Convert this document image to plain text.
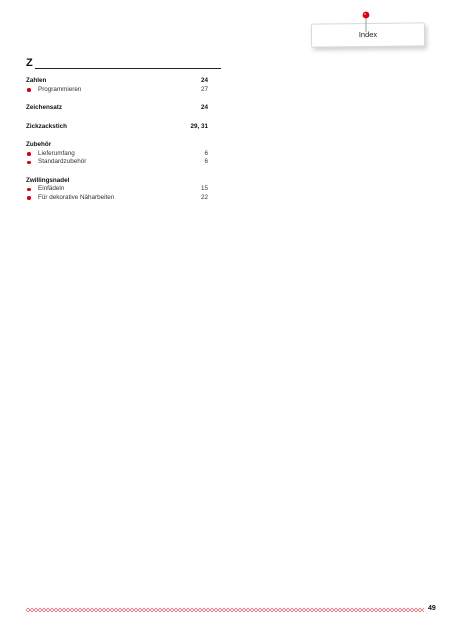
Index
Z
Zahlen	24
Programmieren	27
Zeichensatz	24
Zickzackstich	29, 31
Zubehör
Lieferumfang	6
Standardzubehör	6
Zwillingsnadel
Einfädeln	15
Für dekorative Näharbeiten	22
49
